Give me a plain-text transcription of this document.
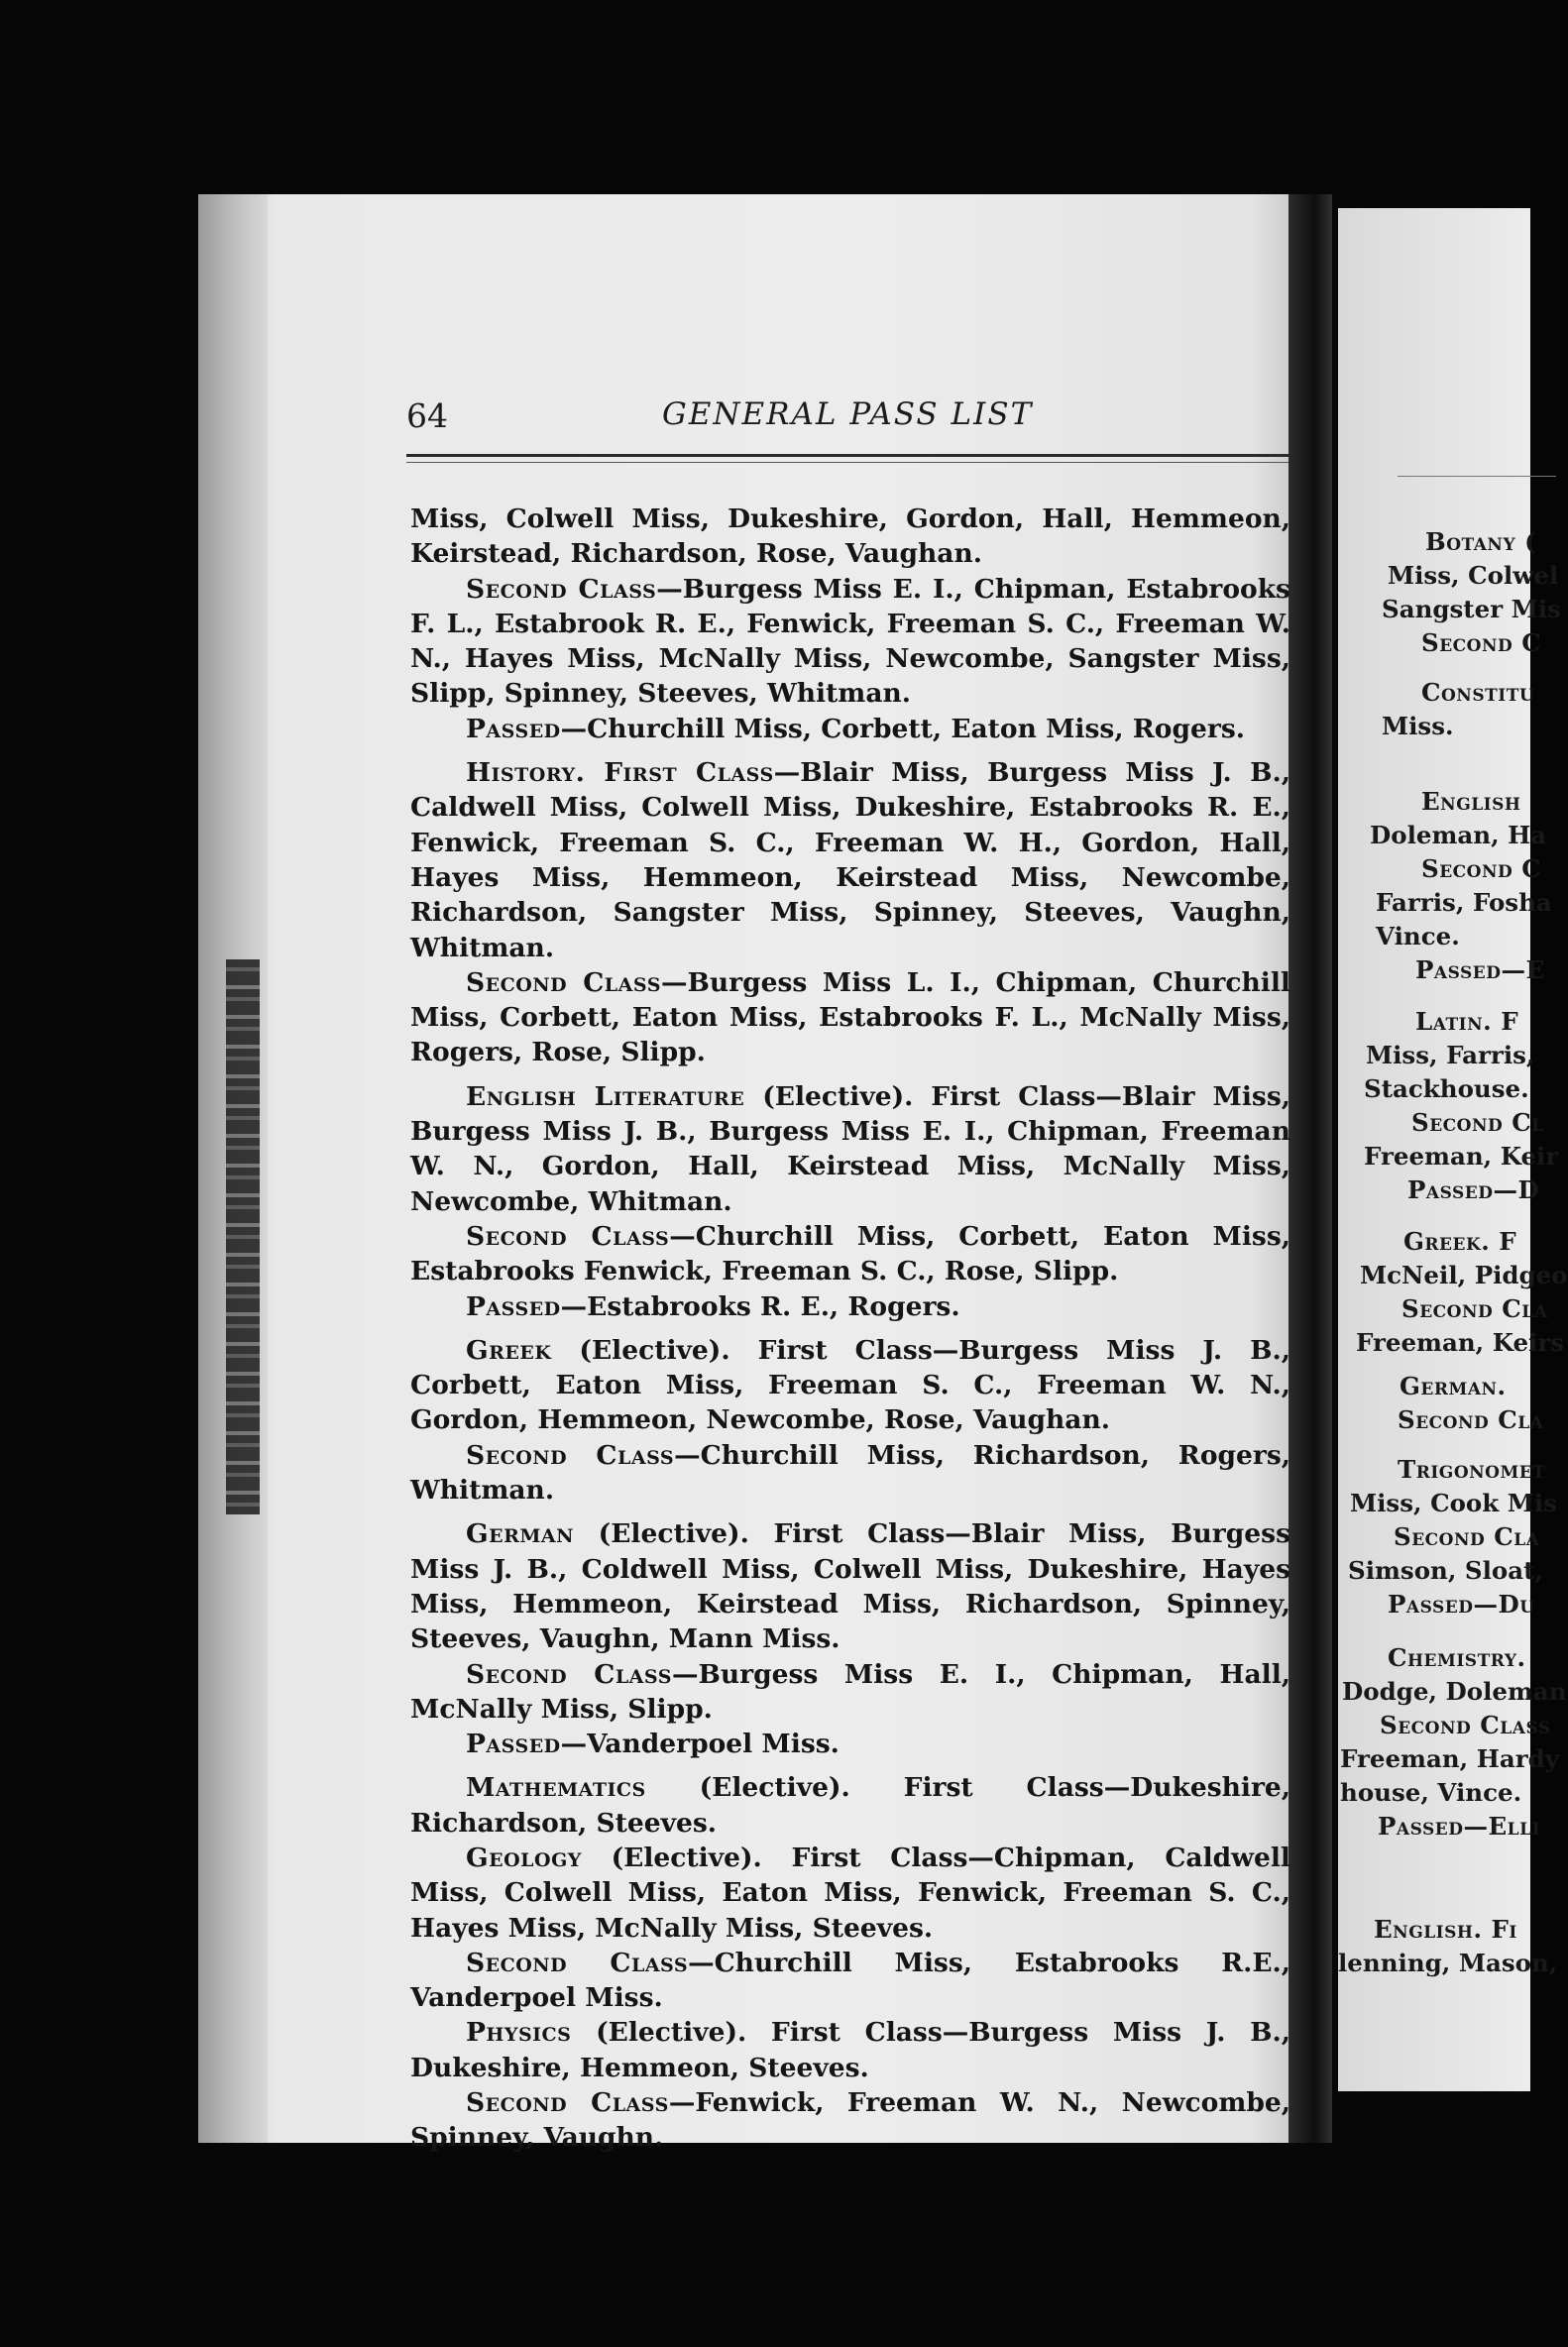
64	GENERAL PASS LIST

Miss, Colwell Miss, Dukeshire, Gordon, Hall, Hemmeon, Keirstead, Richardson, Rose, Vaughan.

Second Class—Burgess Miss E. I., Chipman, Estabrooks F. L., Estabrook R. E., Fenwick, Freeman S. C., Freeman W. N., Hayes Miss, McNally Miss, Newcombe, Sangster Miss, Slipp, Spinney, Steeves, Whitman.

Passed—Churchill Miss, Corbett, Eaton Miss, Rogers.

History. First Class—Blair Miss, Burgess Miss J. B., Caldwell Miss, Colwell Miss, Dukeshire, Estabrooks R. E., Fenwick, Freeman S. C., Freeman W. H., Gordon, Hall, Hayes Miss, Hemmeon, Keirstead Miss, Newcombe, Richardson, Sangster Miss, Spinney, Steeves, Vaughn, Whitman.

Second Class—Burgess Miss L. I., Chipman, Churchill Miss, Corbett, Eaton Miss, Estabrooks F. L., McNally Miss, Rogers, Rose, Slipp.

English Literature (Elective). First Class—Blair Miss, Burgess Miss J. B., Burgess Miss E. I., Chipman, Freeman W. N., Gordon, Hall, Keirstead Miss, McNally Miss, Newcombe, Whitman.

Second Class—Churchill Miss, Corbett, Eaton Miss, Estabrooks Fenwick, Freeman S. C., Rose, Slipp.

Passed—Estabrooks R. E., Rogers.

Greek (Elective). First Class—Burgess Miss J. B., Corbett, Eaton Miss, Freeman S. C., Freeman W. N., Gordon, Hemmeon, Newcombe, Rose, Vaughan.

Second Class—Churchill Miss, Richardson, Rogers, Whitman.

German (Elective). First Class—Blair Miss, Burgess Miss J. B., Coldwell Miss, Colwell Miss, Dukeshire, Hayes Miss, Hemmeon, Keirstead Miss, Richardson, Spinney, Steeves, Vaughn, Mann Miss.

Second Class—Burgess Miss E. I., Chipman, Hall, McNally Miss, Slipp.

Passed—Vanderpoel Miss.

Mathematics (Elective). First Class—Dukeshire, Richardson, Steeves.

Geology (Elective). First Class—Chipman, Caldwell Miss, Colwell Miss, Eaton Miss, Fenwick, Freeman S. C., Hayes Miss, McNally Miss, Steeves.

Second Class—Churchill Miss, Estabrooks R.E., Vanderpoel Miss.

Physics (Elective). First Class—Burgess Miss J. B., Dukeshire, Hemmeon, Steeves.

Second Class—Fenwick, Freeman W. N., Newcombe, Spinney, Vaughn.

Botany (
Miss, Colwel
Sangster Mis
Second C
Constitu
Miss.
English
Doleman, Ha
Second C
Farris, Fosha
Vince.
Passed—E
Latin. F
Miss, Farris,
Stackhouse.
Second Cl
Freeman, Keir
Passed—D
Greek. F
McNeil, Pidgeo
Second Cla
Freeman, Keirs
German.
Second Cla
Trigonomet
Miss, Cook Mis
Second Cla
Simson, Sloat,
Passed—Du
Chemistry.
Dodge, Doleman
Second Class
Freeman, Hardy
house, Vince.
Passed—Elli
English. Fi
lenning, Mason,
